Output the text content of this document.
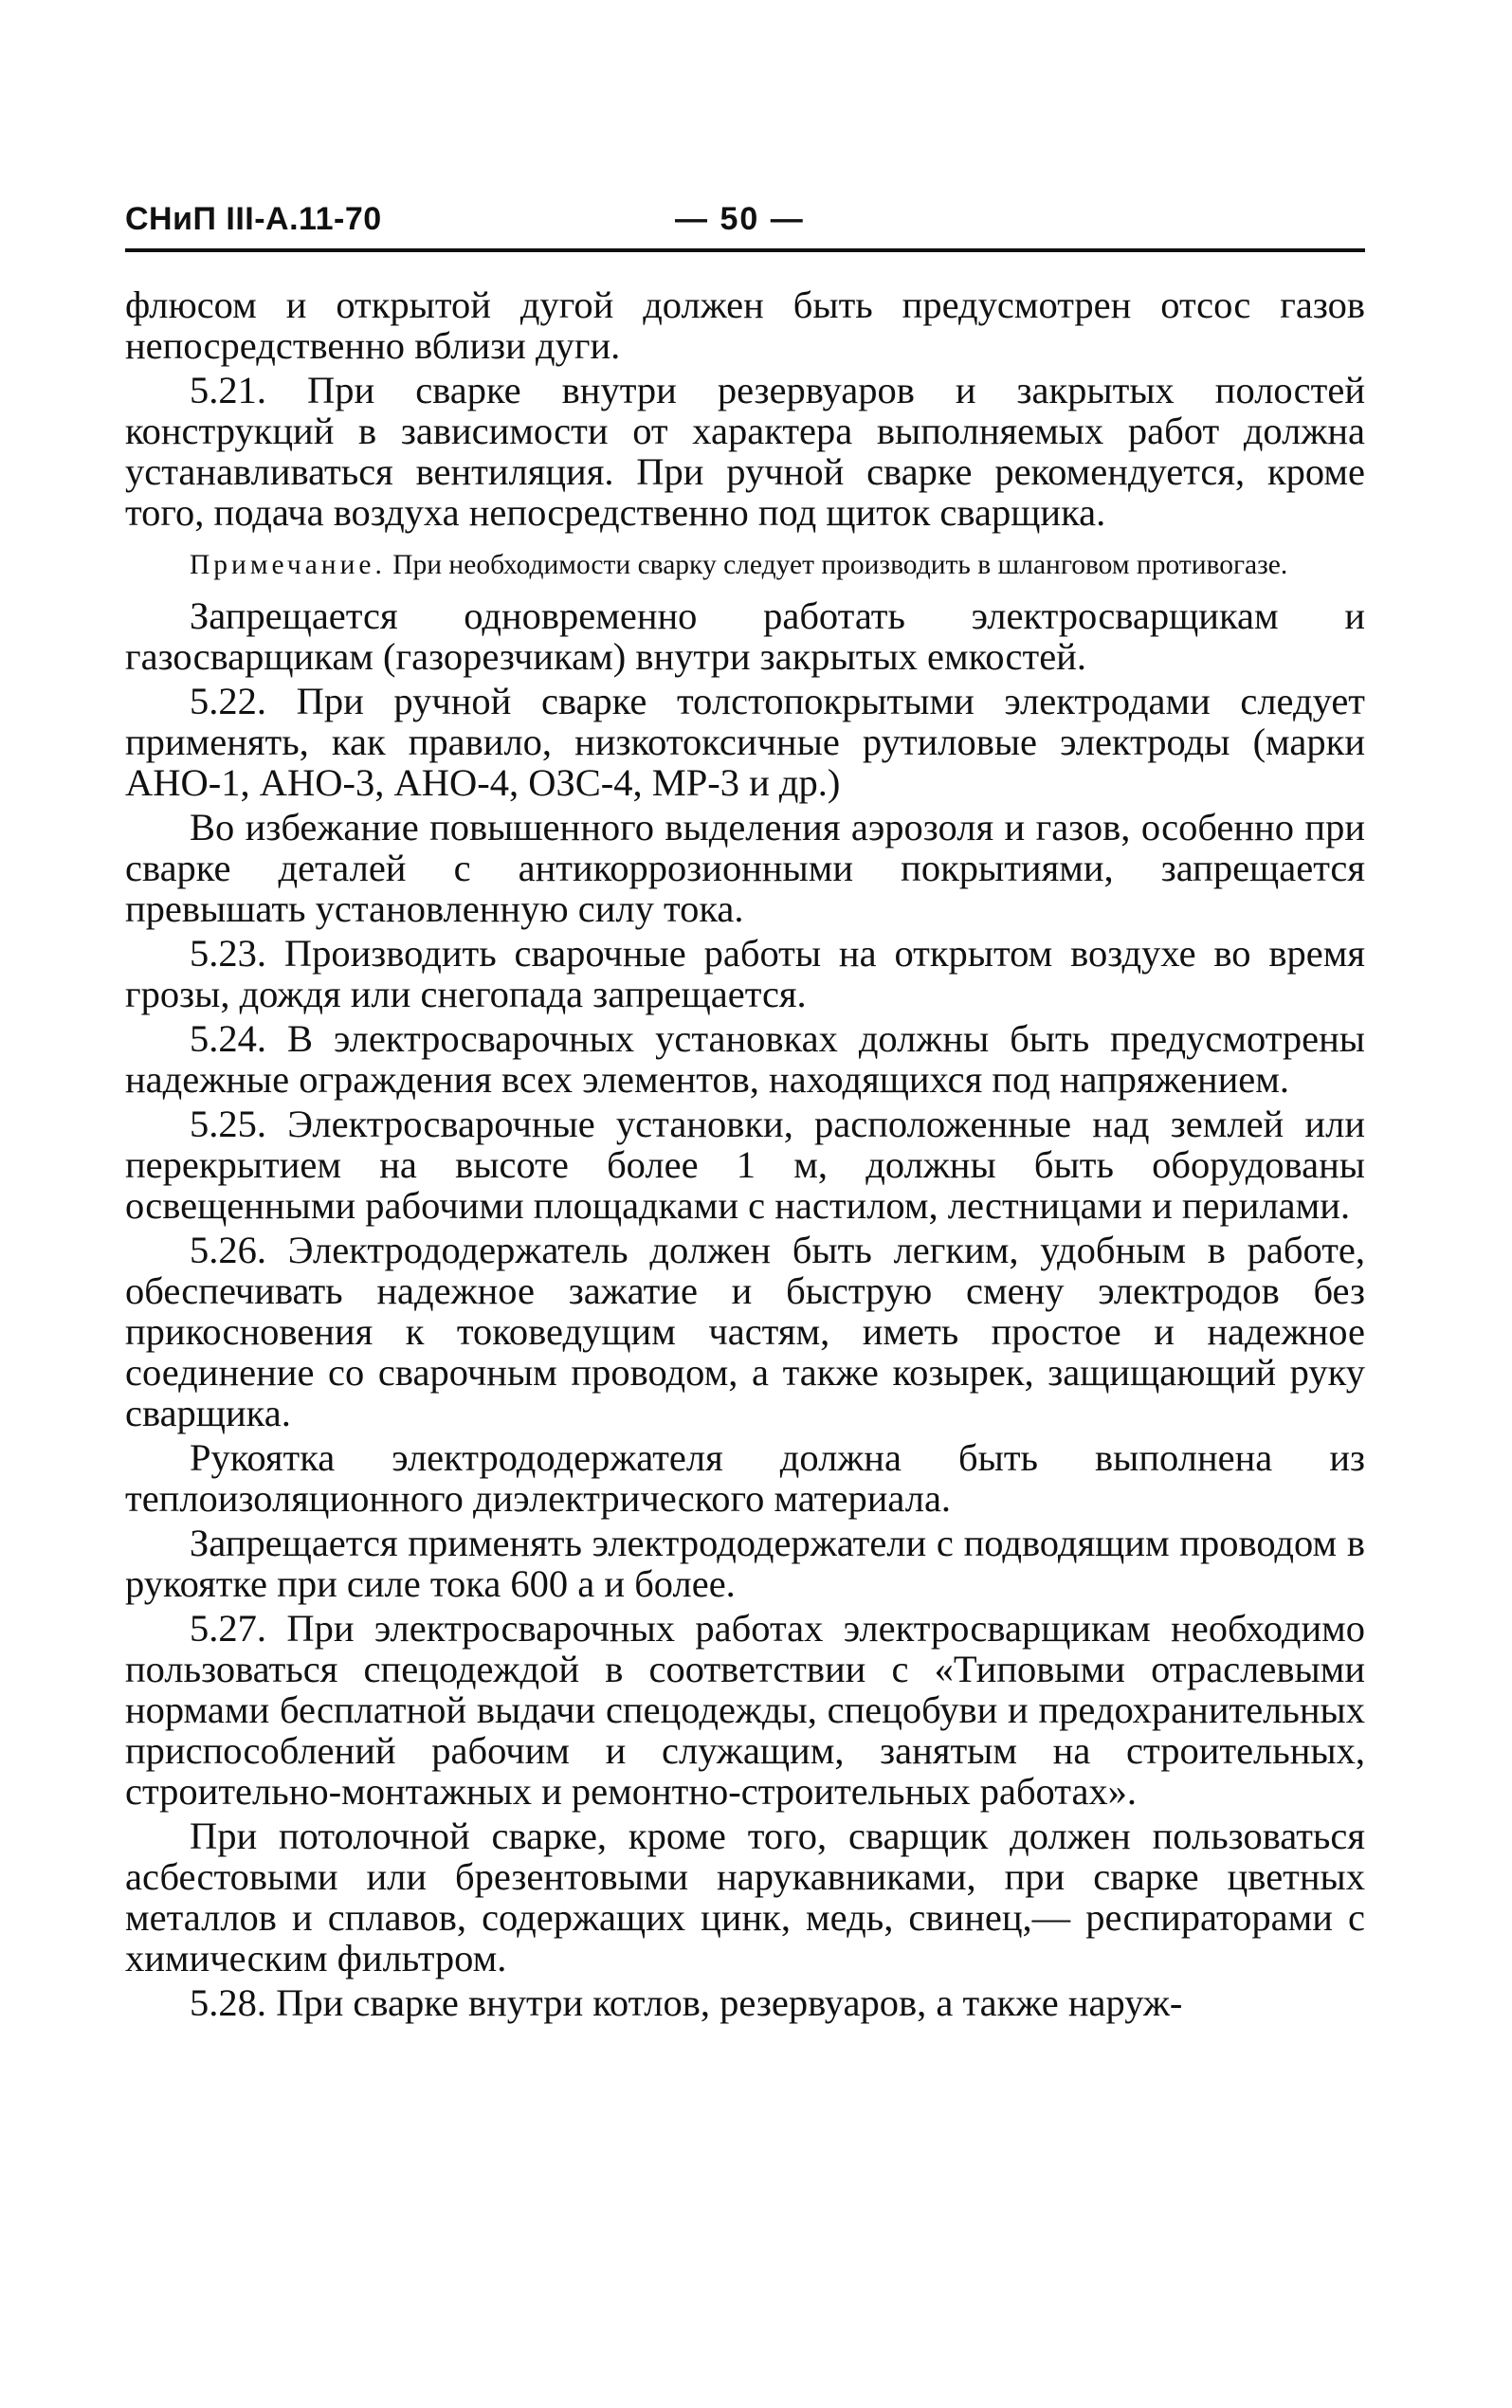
СНиП III-A.11-70	— 50 —

флюсом и открытой дугой должен быть предусмотрен отсос газов непосредственно вблизи дуги.

5.21. При сварке внутри резервуаров и закрытых полостей конструкций в зависимости от характера выполняемых работ должна устанавливаться вентиляция. При ручной сварке рекомендуется, кроме того, подача воздуха непосредственно под щиток сварщика.

Примечание. При необходимости сварку следует производить в шланговом противогазе.

Запрещается одновременно работать электросварщикам и газосварщикам (газорезчикам) внутри закрытых емкостей.

5.22. При ручной сварке толстопокрытыми электродами следует применять, как правило, низкотоксичные рутиловые электроды (марки АНО-1, АНО-3, АНО-4, ОЗС-4, МР-3 и др.)

Во избежание повышенного выделения аэрозоля и газов, особенно при сварке деталей с антикоррозионными покрытиями, запрещается превышать установленную силу тока.

5.23. Производить сварочные работы на открытом воздухе во время грозы, дождя или снегопада запрещается.

5.24. В электросварочных установках должны быть предусмотрены надежные ограждения всех элементов, находящихся под напряжением.

5.25. Электросварочные установки, расположенные над землей или перекрытием на высоте более 1 м, должны быть оборудованы освещенными рабочими площадками с настилом, лестницами и перилами.

5.26. Электрододержатель должен быть легким, удобным в работе, обеспечивать надежное зажатие и быструю смену электродов без прикосновения к токоведущим частям, иметь простое и надежное соединение со сварочным проводом, а также козырек, защищающий руку сварщика.

Рукоятка электрододержателя должна быть выполнена из теплоизоляционного диэлектрического материала.

Запрещается применять электрододержатели с подводящим проводом в рукоятке при силе тока 600 а и более.

5.27. При электросварочных работах электросварщикам необходимо пользоваться спецодеждой в соответствии с «Типовыми отраслевыми нормами бесплатной выдачи спецодежды, спецобуви и предохранительных приспособлений рабочим и служащим, занятым на строительных, строительно-монтажных и ремонтно-строительных работах».

При потолочной сварке, кроме того, сварщик должен пользоваться асбестовыми или брезентовыми нарукавниками, при сварке цветных металлов и сплавов, содержащих цинк, медь, свинец,— респираторами с химическим фильтром.

5.28. При сварке внутри котлов, резервуаров, а также наруж-
